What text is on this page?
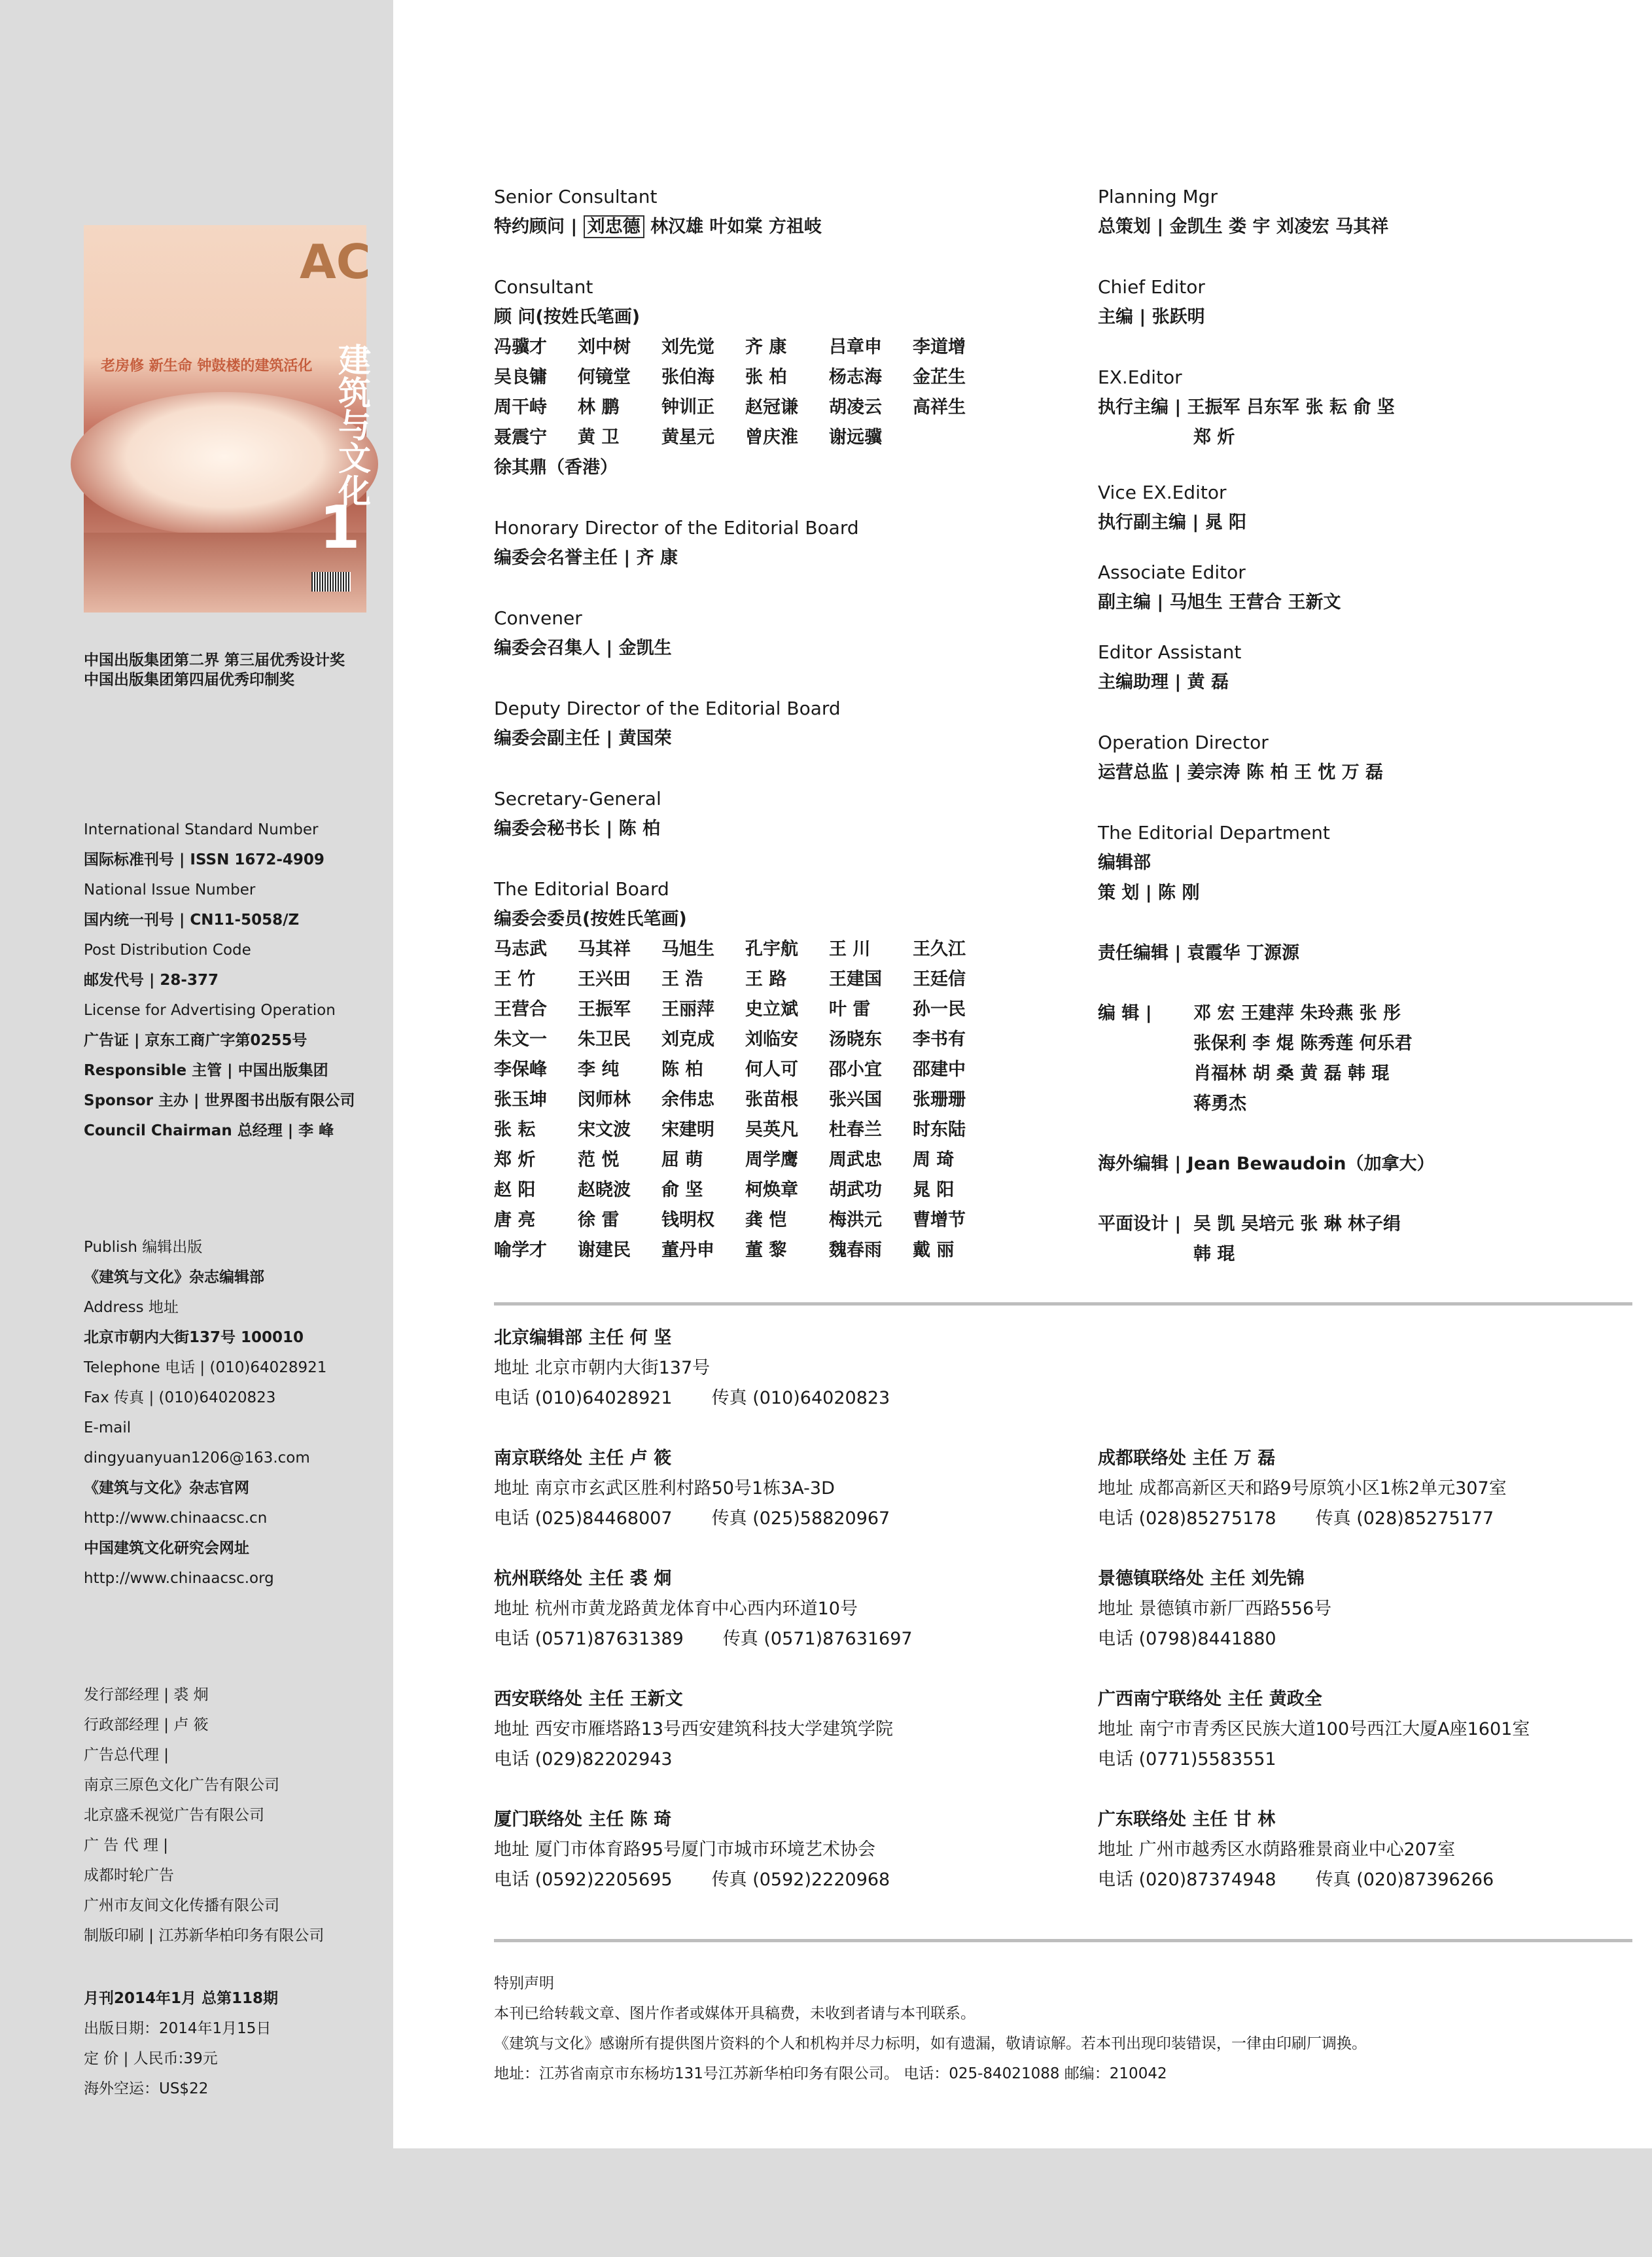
AC
建筑与文化
1
老房修 新生命 钟鼓楼的建筑活化
中国出版集团第二界 第三届优秀设计奖
中国出版集团第四届优秀印制奖
International Standard Number
国际标准刊号 | ISSN 1672-4909
National Issue Number
国内统一刊号 | CN11-5058/Z
Post Distribution Code
邮发代号 | 28-377
License for Advertising Operation
广告证 | 京东工商广字第0255号
Responsible 主管 | 中国出版集团
Sponsor 主办 | 世界图书出版有限公司
Council Chairman 总经理 | 李 峰
Publish 编辑出版
《建筑与文化》杂志编辑部
Address 地址
北京市朝内大街137号 100010
Telephone 电话 | (010)64028921
Fax 传真 | (010)64020823
E-mail
dingyuanyuan1206@163.com
《建筑与文化》杂志官网
http://www.chinaacsc.cn
中国建筑文化研究会网址
http://www.chinaacsc.org
发行部经理 | 裘 炯
行政部经理 | 卢 筱
广告总代理 |
南京三原色文化广告有限公司
北京盛禾视觉广告有限公司
广 告 代 理 |
成都时轮广告
广州市友间文化传播有限公司
制版印刷 | 江苏新华柏印务有限公司
月刊2014年1月 总第118期
出版日期：2014年1月15日
定 价 | 人民币:39元
海外空运：US$22
Senior Consultant
特约顾问 | 刘忠德 林汉雄 叶如棠 方祖岐
Consultant
顾 问(按姓氏笔画)
冯骥才	刘中树	刘先觉	齐 康	吕章申	李道增
吴良镛	何镜堂	张伯海	张 柏	杨志海	金芷生
周干峙	林 鹏	钟训正	赵冠谦	胡凌云	高祥生
聂震宁	黄 卫	黄星元	曾庆淮	谢远骥
徐其鼎（香港）
Honorary Director of the Editorial Board
编委会名誉主任 | 齐 康
Convener
编委会召集人 | 金凯生
Deputy Director of the Editorial Board
编委会副主任 | 黄国荣
Secretary-General
编委会秘书长 | 陈 柏
The Editorial Board
编委会委员(按姓氏笔画)
马志武	马其祥	马旭生	孔宇航	王 川	王久江
王 竹	王兴田	王 浩	王 路	王建国	王廷信
王营合	王振军	王丽萍	史立斌	叶 雷	孙一民
朱文一	朱卫民	刘克成	刘临安	汤晓东	李书有
李保峰	李 纯	陈 柏	何人可	邵小宜	邵建中
张玉坤	闵师林	余伟忠	张苗根	张兴国	张珊珊
张 耘	宋文波	宋建明	吴英凡	杜春兰	时东陆
郑 炘	范 悦	屈 萌	周学鹰	周武忠	周 琦
赵 阳	赵晓波	俞 坚	柯焕章	胡武功	晁 阳
唐 亮	徐 雷	钱明权	龚 恺	梅洪元	曹增节
喻学才	谢建民	董丹申	董 黎	魏春雨	戴 丽
Planning Mgr
总策划 | 金凯生 娄 宇 刘凌宏 马其祥
Chief Editor
主编 | 张跃明
EX.Editor
执行主编 | 王振军 吕东军 张 耘 俞 坚
郑 炘
Vice EX.Editor
执行副主编 | 晁 阳
Associate Editor
副主编 | 马旭生 王营合 王新文
Editor Assistant
主编助理 | 黄 磊
Operation Director
运营总监 | 姜宗涛 陈 柏 王 忱 万 磊
The Editorial Department
编辑部
策 划 | 陈 刚
责任编辑 | 袁霞华 丁源源
编 辑 |	邓 宏 王建萍 朱玲燕 张 彤
张保利 李 焜 陈秀莲 何乐君
肖福林 胡 桑 黄 磊 韩 琨
蒋勇杰
海外编辑 | Jean Bewaudoin（加拿大）
平面设计 | 吴 凯 吴培元 张 琳 林子绢
韩 琨
北京编辑部 主任 何 坚
地址 北京市朝内大街137号
电话 (010)64028921 传真 (010)64020823
南京联络处 主任 卢 筱
地址 南京市玄武区胜利村路50号1栋3A-3D
电话 (025)84468007 传真 (025)58820967
杭州联络处 主任 裘 炯
地址 杭州市黄龙路黄龙体育中心西内环道10号
电话 (0571)87631389 传真 (0571)87631697
西安联络处 主任 王新文
地址 西安市雁塔路13号西安建筑科技大学建筑学院
电话 (029)82202943
厦门联络处 主任 陈 琦
地址 厦门市体育路95号厦门市城市环境艺术协会
电话 (0592)2205695 传真 (0592)2220968
成都联络处 主任 万 磊
地址 成都高新区天和路9号原筑小区1栋2单元307室
电话 (028)85275178 传真 (028)85275177
景德镇联络处 主任 刘先锦
地址 景德镇市新厂西路556号
电话 (0798)8441880
广西南宁联络处 主任 黄政全
地址 南宁市青秀区民族大道100号西江大厦A座1601室
电话 (0771)5583551
广东联络处 主任 甘 林
地址 广州市越秀区水荫路雅景商业中心207室
电话 (020)87374948 传真 (020)87396266
特别声明
本刊已给转载文章、图片作者或媒体开具稿费，未收到者请与本刊联系。
《建筑与文化》感谢所有提供图片资料的个人和机构并尽力标明，如有遗漏，敬请谅解。若本刊出现印装错误，一律由印刷厂调换。
地址：江苏省南京市东杨坊131号江苏新华柏印务有限公司。 电话：025-84021088 邮编：210042
